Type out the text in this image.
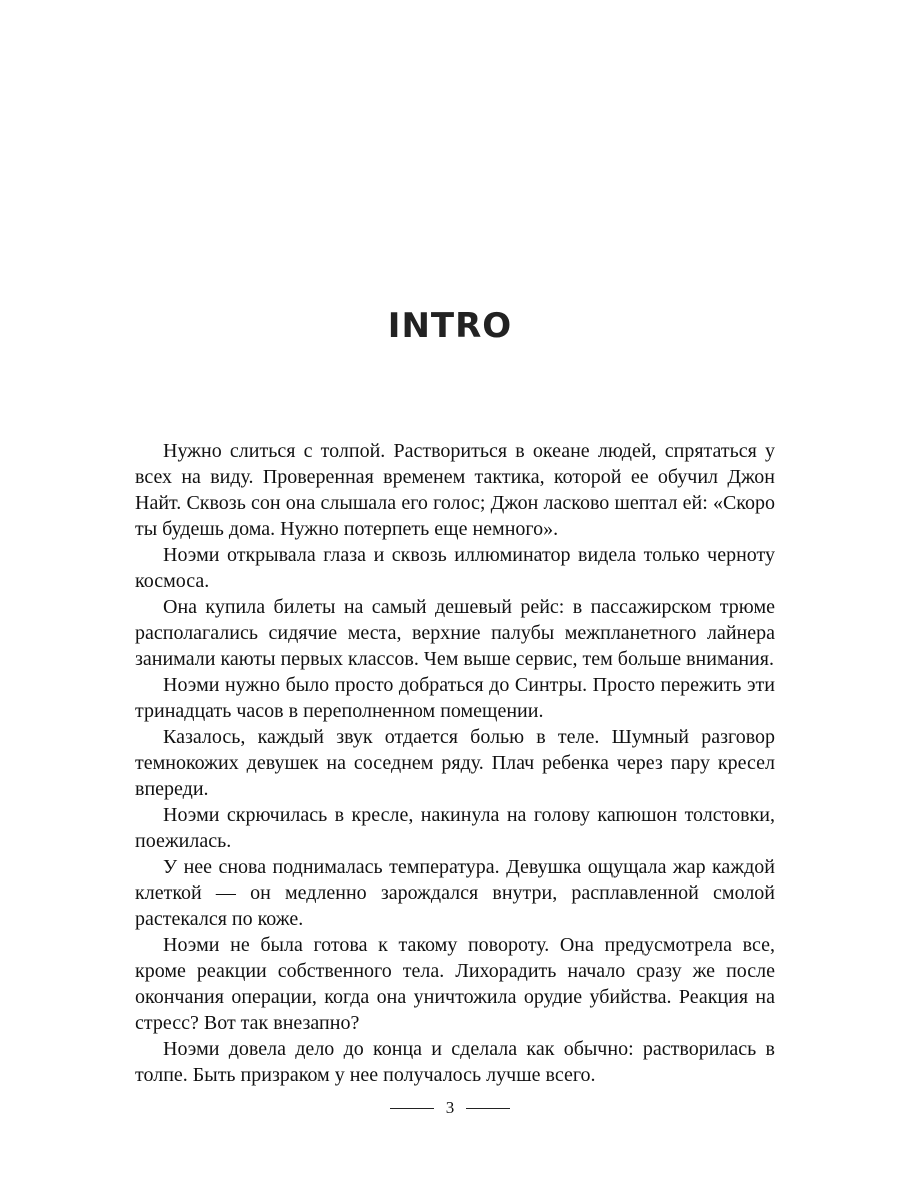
INTRO

Нужно слиться с толпой. Раствориться в океане людей, спрятаться у всех на виду. Проверенная временем тактика, которой ее обучил Джон Найт. Сквозь сон она слышала его голос; Джон ласково шептал ей: «Скоро ты будешь дома. Нужно потерпеть еще немного».

Ноэми открывала глаза и сквозь иллюминатор видела только черноту космоса.

Она купила билеты на самый дешевый рейс: в пассажирском трюме располагались сидячие места, верхние палубы межпланетного лайнера занимали каюты первых классов. Чем выше сервис, тем больше внимания.

Ноэми нужно было просто добраться до Синтры. Просто пережить эти тринадцать часов в переполненном помещении.

Казалось, каждый звук отдается болью в теле. Шумный разговор темнокожих девушек на соседнем ряду. Плач ребенка через пару кресел впереди.

Ноэми скрючилась в кресле, накинула на голову капюшон толстовки, поежилась.

У нее снова поднималась температура. Девушка ощущала жар каждой клеткой — он медленно зарождался внутри, расплавленной смолой растекался по коже.

Ноэми не была готова к такому повороту. Она предусмотрела все, кроме реакции собственного тела. Лихорадить начало сразу же после окончания операции, когда она уничтожила орудие убийства. Реакция на стресс? Вот так внезапно?

Ноэми довела дело до конца и сделала как обычно: растворилась в толпе. Быть призраком у нее получалось лучше всего.

3
